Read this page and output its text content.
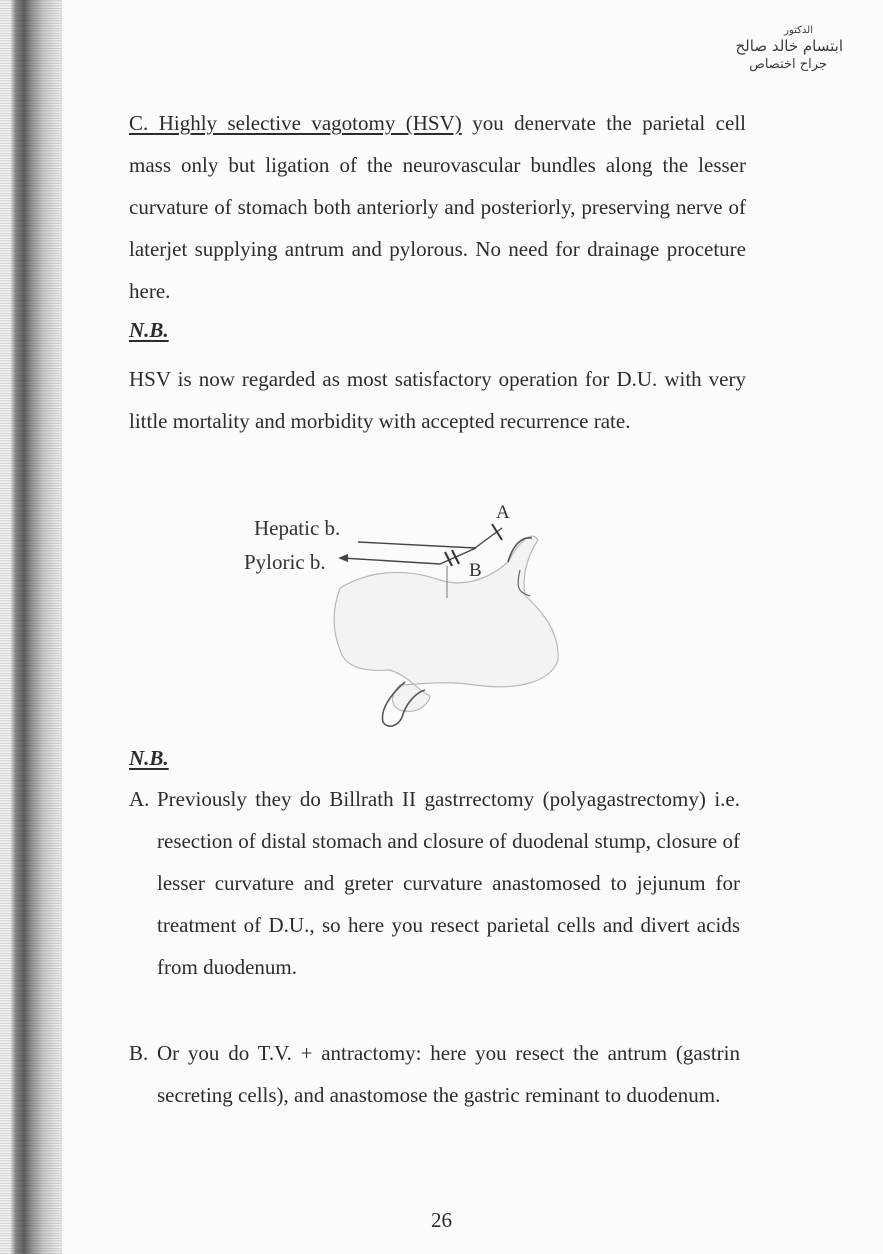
الدكتور
ابتسام خالد صالح
جراح اختصاص

C. Highly selective vagotomy (HSV) you denervate the parietal cell mass only but ligation of the neurovascular bundles along the lesser curvature of stomach both anteriorly and posteriorly, preserving nerve of laterjet supplying antrum and pylorous. No need for drainage proceture here.

N.B.

HSV is now regarded as most satisfactory operation for D.U. with very little mortality and morbidity with accepted recurrence rate.

Hepatic b.
Pyloric b.
A
B
N.B.
A. Previously they do Billrath II gastrrectomy (polyagastrectomy) i.e. resection of distal stomach and closure of duodenal stump, closure of lesser curvature and greter curvature anastomosed to jejunum for treatment of D.U., so here you resect parietal cells and divert acids from duodenum.
B. Or you do T.V. + antractomy: here you resect the antrum (gastrin secreting cells), and anastomose the gastric reminant to duodenum.
26
